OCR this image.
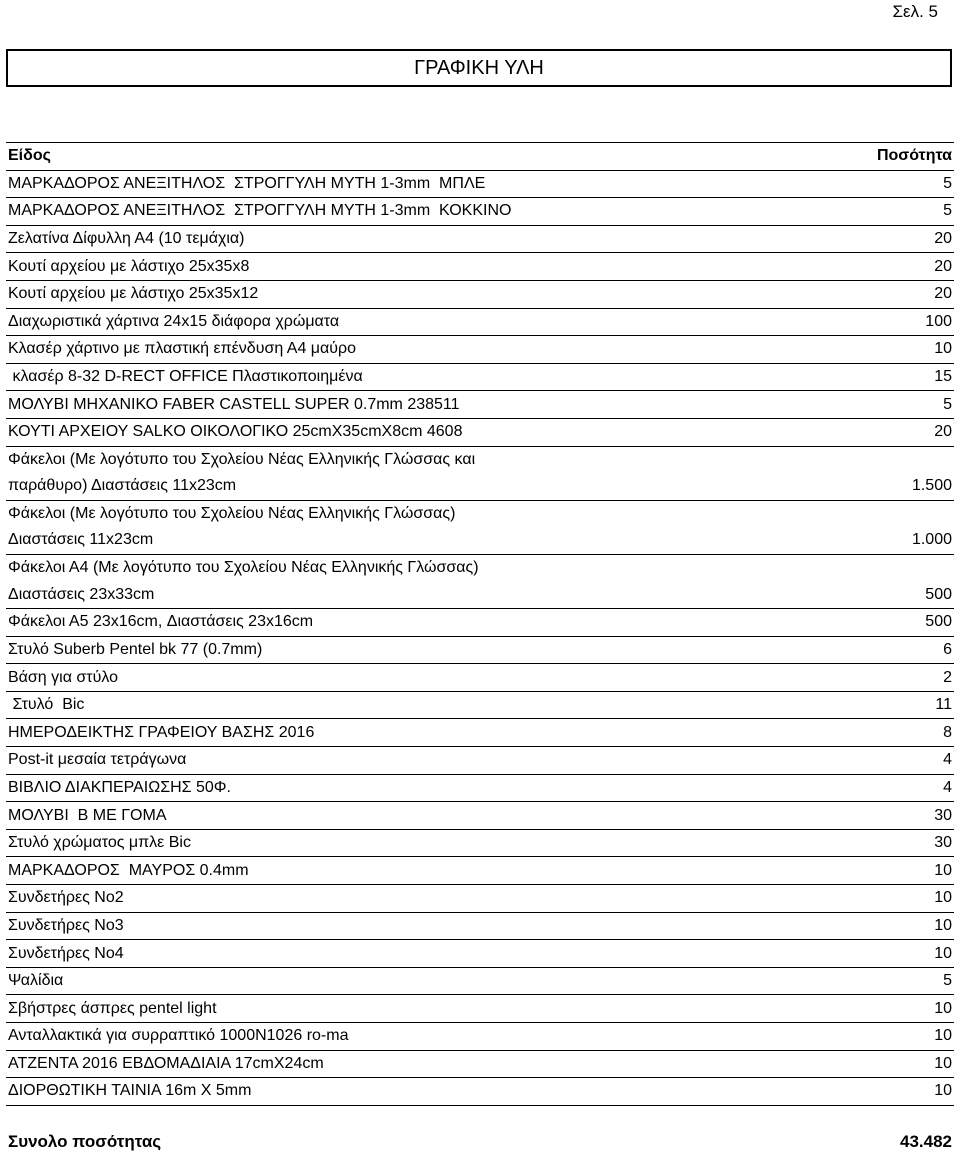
Σελ. 5
ΓΡΑΦΙΚΗ ΥΛΗ
Είδος	Ποσότητα
ΜΑΡΚΑΔΟΡΟΣ ΑΝΕΞΙΤΗΛΟΣ  ΣΤΡΟΓΓΥΛΗ ΜΥΤΗ 1-3mm  ΜΠΛΕ	5
ΜΑΡΚΑΔΟΡΟΣ ΑΝΕΞΙΤΗΛΟΣ  ΣΤΡΟΓΓΥΛΗ ΜΥΤΗ 1-3mm  ΚΟΚΚΙΝΟ	5
Ζελατίνα Δίφυλλη Α4 (10 τεμάχια)	20
Κουτί αρχείου με λάστιχο 25x35x8	20
Κουτί αρχείου με λάστιχο 25x35x12	20
Διαχωριστικά χάρτινα 24x15 διάφορα χρώματα	100
Κλασέρ χάρτινο με πλαστική επένδυση Α4 μαύρο	10
κλασέρ 8-32 D-RECT OFFICE Πλαστικοποιημένα	15
ΜΟΛΥΒΙ ΜΗΧΑΝΙΚΟ FABER CASTELL SUPER 0.7mm 238511	5
ΚΟΥΤΙ ΑΡΧΕΙΟΥ SALKO ΟΙΚΟΛΟΓΙΚΟ 25cmX35cmX8cm 4608	20

Φάκελοι (Με λογότυπο του Σχολείου Νέας Ελληνικής Γλώσσας και
παράθυρο) Διαστάσεις 11x23cm	1.500

Φάκελοι (Με λογότυπο του Σχολείου Νέας Ελληνικής Γλώσσας)
Διαστάσεις 11x23cm	1.000

Φάκελοι Α4 (Με λογότυπο του Σχολείου Νέας Ελληνικής Γλώσσας)
Διαστάσεις 23x33cm	500
Φάκελοι Α5 23x16cm, Διαστάσεις 23x16cm	500
Στυλό Suberb Pentel bk 77 (0.7mm)	6
Βάση για στύλο	2
Στυλό  Bic	11
ΗΜΕΡΟΔΕΙΚΤΗΣ ΓΡΑΦΕΙΟΥ ΒΑΣΗΣ 2016	8
Post-it μεσαία τετράγωνα	4
ΒΙΒΛΙΟ ΔΙΑΚΠΕΡΑΙΩΣΗΣ 50Φ.	4
ΜΟΛΥΒΙ  Β ΜΕ ΓΟΜΑ	30
Στυλό χρώματος μπλε Bic	30
ΜΑΡΚΑΔΟΡΟΣ  ΜΑΥΡΟΣ 0.4mm	10
Συνδετήρες Νο2	10
Συνδετήρες Νο3	10
Συνδετήρες Νο4	10
Ψαλίδια	5
Σβήστρες άσπρες pentel light	10
Ανταλλακτικά για συρραπτικό 1000Ν1026 ro-ma	10
ΑΤΖΕΝΤΑ 2016 ΕΒΔΟΜΑΔΙΑΙΑ 17cmX24cm	10
ΔΙΟΡΘΩΤΙΚΗ ΤΑΙΝΙΑ 16m X 5mm	10
Συνολο ποσότητας	43.482
